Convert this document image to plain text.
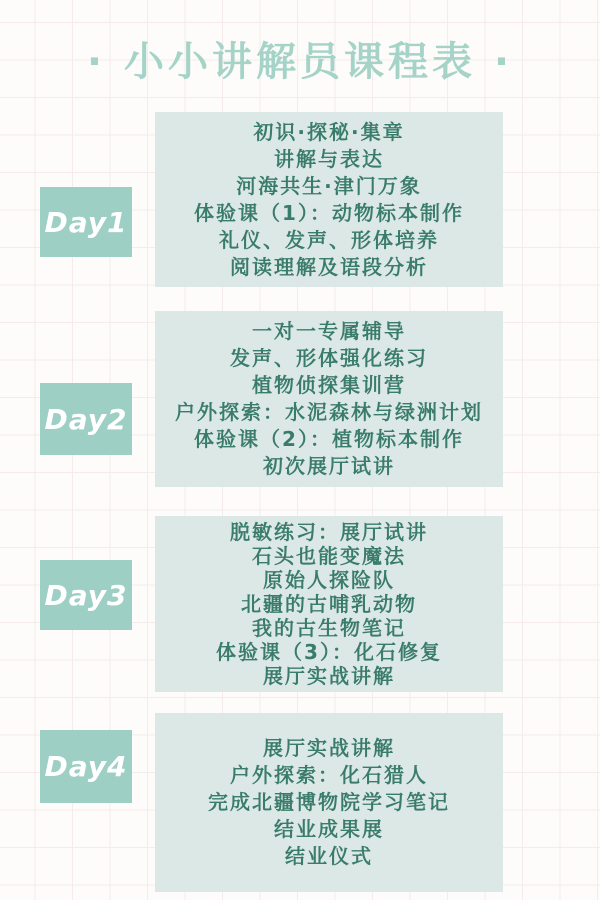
· 小小讲解员课程表 ·
Day1
初识·探秘·集章
讲解与表达
河海共生·津门万象
体验课（1）：动物标本制作
礼仪、发声、形体培养
阅读理解及语段分析
Day2
一对一专属辅导
发声、形体强化练习
植物侦探集训营
户外探索：水泥森林与绿洲计划
体验课（2）：植物标本制作
初次展厅试讲
Day3
脱敏练习：展厅试讲
石头也能变魔法
原始人探险队
北疆的古哺乳动物
我的古生物笔记
体验课（3）：化石修复
展厅实战讲解
Day4
展厅实战讲解
户外探索：化石猎人
完成北疆博物院学习笔记
结业成果展
结业仪式
